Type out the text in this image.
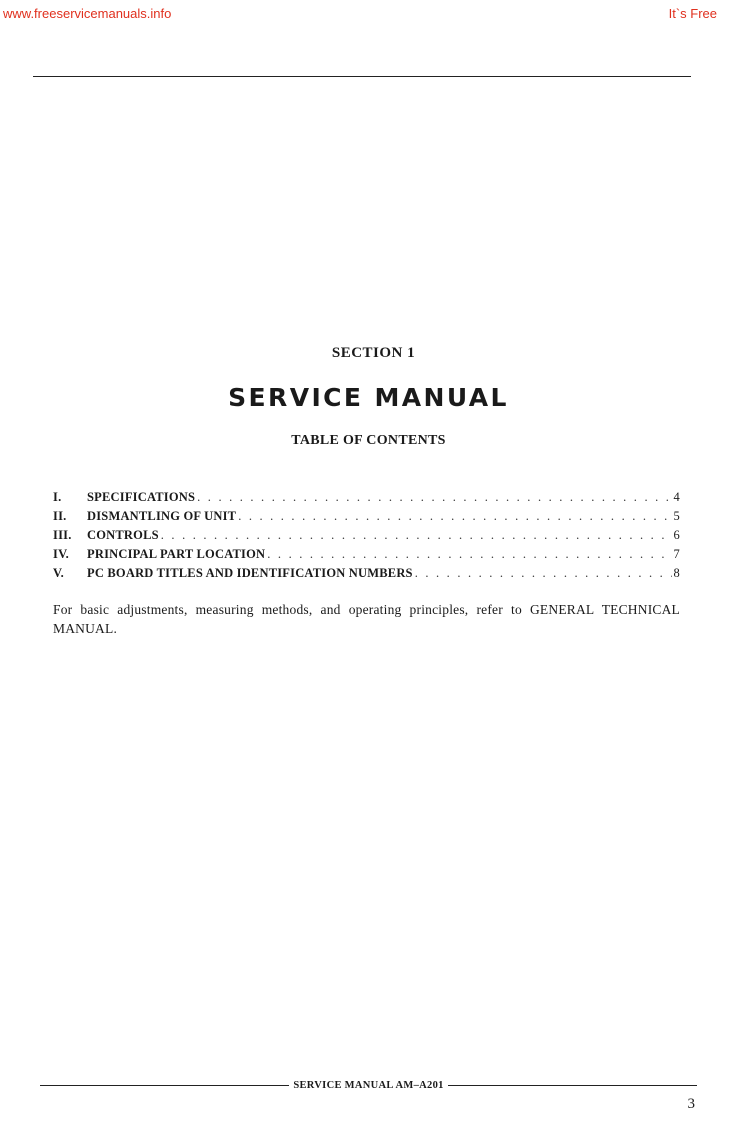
www.freeservicemanuals.info	It`s Free
SECTION 1
SERVICE MANUAL
TABLE OF CONTENTS
I.	SPECIFICATIONS . . .	4
II.	DISMANTLING OF UNIT . . .	5
III.	CONTROLS . . .	6
IV.	PRINCIPAL PART LOCATION . . .	7
V.	PC BOARD TITLES AND IDENTIFICATION NUMBERS . . .	8
For basic adjustments, measuring methods, and operating principles, refer to GENERAL TECHNICAL MANUAL.
SERVICE MANUAL AM–A201
3
